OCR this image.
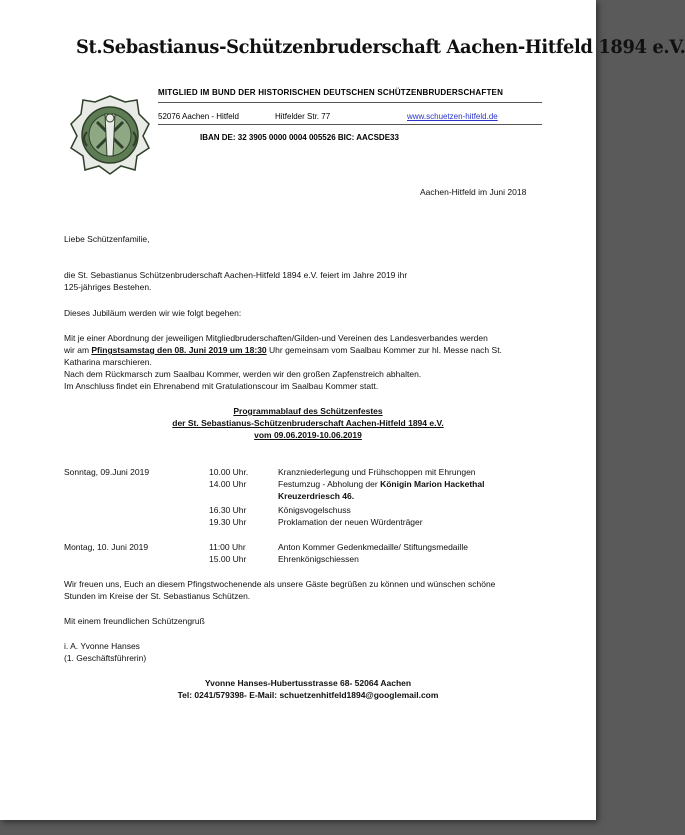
St.Sebastianus-Schützenbruderschaft Aachen-Hitfeld 1894 e.V.
MITGLIED IM BUND DER HISTORISCHEN DEUTSCHEN SCHÜTZENBRUDERSCHAFTEN
52076 Aachen - Hitfeld	Hitfelder Str. 77	www.schuetzen-hitfeld.de
IBAN DE: 32 3905 0000 0004 005526 BIC: AACSDE33
Aachen-Hitfeld im Juni 2018
Liebe Schützenfamilie,
die St. Sebastianus Schützenbruderschaft Aachen-Hitfeld 1894 e.V. feiert im Jahre 2019 ihr
125-jähriges Bestehen.
Dieses Jubiläum werden wir wie folgt begehen:
Mit je einer Abordnung der jeweiligen Mitgliedbruderschaften/Gilden-und Vereinen des Landesverbandes werden
wir am Pfingstsamstag den 08. Juni 2019 um 18:30 Uhr gemeinsam vom Saalbau Kommer zur hl. Messe nach St.
Katharina marschieren.
Nach dem Rückmarsch zum Saalbau Kommer, werden wir den großen Zapfenstreich abhalten.
Im Anschluss findet ein Ehrenabend mit Gratulationscour im Saalbau Kommer statt.
Programmablauf des Schützenfestes
der St. Sebastianus-Schützenbruderschaft Aachen-Hitfeld 1894 e.V.
vom 09.06.2019-10.06.2019
Sonntag, 09.Juni 2019	10.00 Uhr.	Kranzniederlegung und Frühschoppen mit Ehrungen
14.00 Uhr	Festumzug - Abholung der Königin Marion Hackethal
Kreuzerdriesch 46.
16.30 Uhr	Königsvogelschuss
19.30 Uhr	Proklamation der neuen Würdenträger
Montag, 10. Juni 2019	11:00 Uhr	Anton Kommer Gedenkmedaille/ Stiftungsmedaille
15.00 Uhr	Ehrenkönigschiessen
Wir freuen uns, Euch an diesem Pfingstwochenende als unsere Gäste begrüßen zu können und wünschen schöne
Stunden im Kreise der St. Sebastianus Schützen.
Mit einem freundlichen Schützengruß
i. A. Yvonne Hanses
(1. Geschäftsführerin)
Yvonne Hanses-Hubertusstrasse 68- 52064 Aachen
Tel: 0241/579398- E-Mail: schuetzenhitfeld1894@googlemail.com
